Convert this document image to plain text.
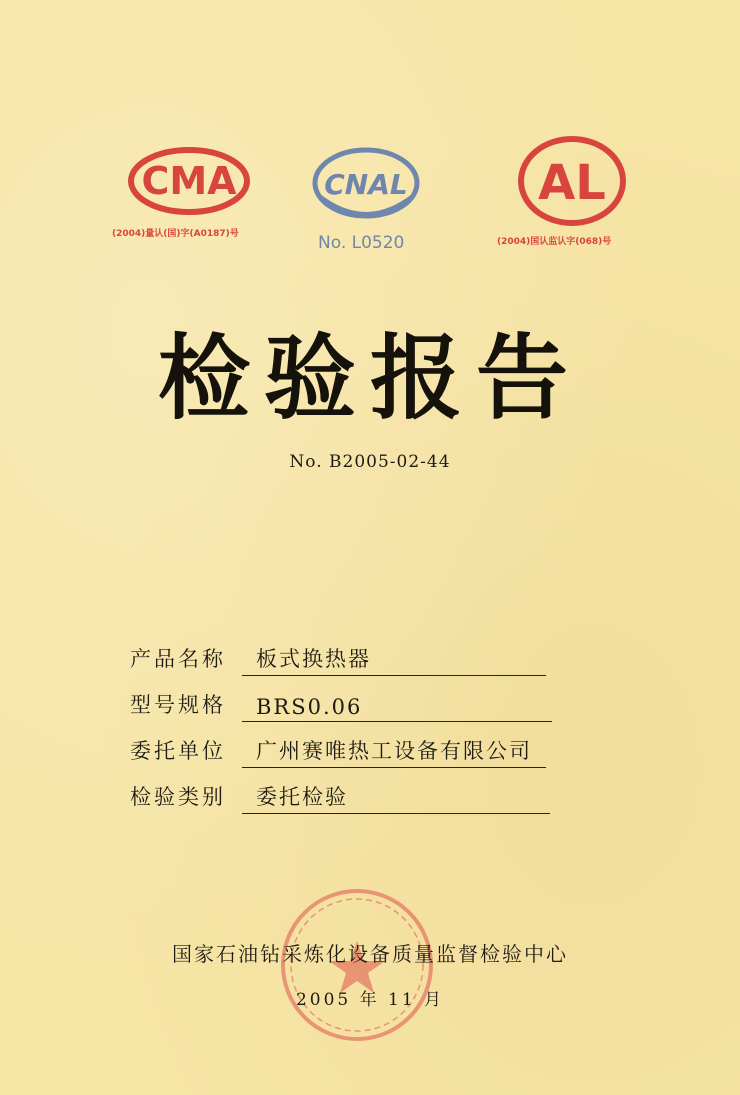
CMA
(2004)量认(国)字(A0187)号
CNAL
No. L0520
AL
(2004)国认监认字(068)号
检验报告
No. B2005-02-44
产品名称	板式换热器
型号规格	BRS0.06
委托单位	广州赛唯热工设备有限公司
检验类别	委托检验
国家石油钻采炼化设备质量监督检验中心
2005 年 11 月
